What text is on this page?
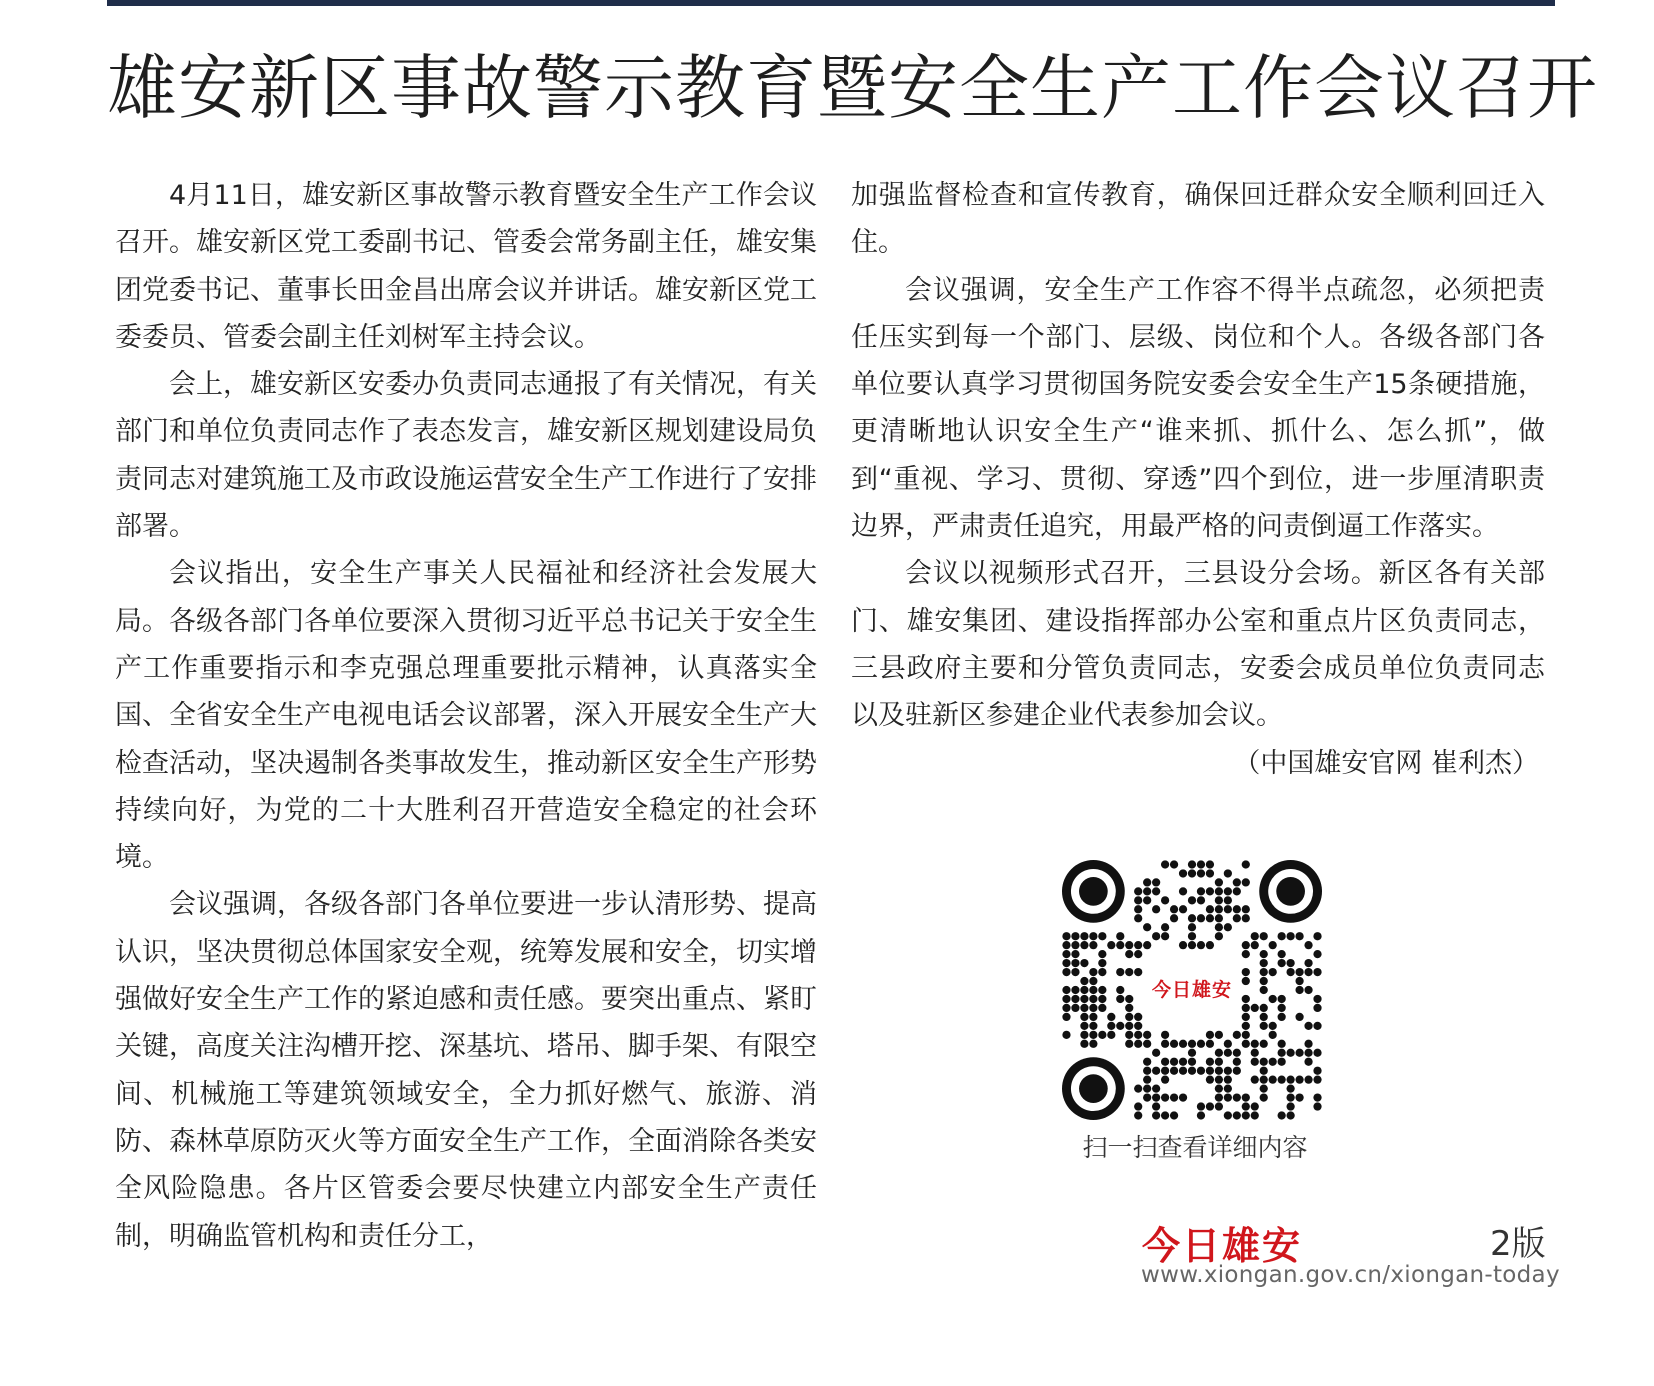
雄安新区事故警示教育暨安全生产工作会议召开

4月11日，雄安新区事故警示教育暨安全生产工作会议召开。雄安新区党工委副书记、管委会常务副主任，雄安集团党委书记、董事长田金昌出席会议并讲话。雄安新区党工委委员、管委会副主任刘树军主持会议。

会上，雄安新区安委办负责同志通报了有关情况，有关部门和单位负责同志作了表态发言，雄安新区规划建设局负责同志对建筑施工及市政设施运营安全生产工作进行了安排部署。

会议指出，安全生产事关人民福祉和经济社会发展大局。各级各部门各单位要深入贯彻习近平总书记关于安全生产工作重要指示和李克强总理重要批示精神，认真落实全国、全省安全生产电视电话会议部署，深入开展安全生产大检查活动，坚决遏制各类事故发生，推动新区安全生产形势持续向好，为党的二十大胜利召开营造安全稳定的社会环境。

会议强调，各级各部门各单位要进一步认清形势、提高认识，坚决贯彻总体国家安全观，统筹发展和安全，切实增强做好安全生产工作的紧迫感和责任感。要突出重点、紧盯关键，高度关注沟槽开挖、深基坑、塔吊、脚手架、有限空间、机械施工等建筑领域安全，全力抓好燃气、旅游、消防、森林草原防灭火等方面安全生产工作，全面消除各类安全风险隐患。各片区管委会要尽快建立内部安全生产责任制，明确监管机构和责任分工，

加强监督检查和宣传教育，确保回迁群众安全顺利回迁入住。

会议强调，安全生产工作容不得半点疏忽，必须把责任压实到每一个部门、层级、岗位和个人。各级各部门各单位要认真学习贯彻国务院安委会安全生产15条硬措施，更清晰地认识安全生产“谁来抓、抓什么、怎么抓”，做到“重视、学习、贯彻、穿透”四个到位，进一步厘清职责边界，严肃责任追究，用最严格的问责倒逼工作落实。

会议以视频形式召开，三县设分会场。新区各有关部门、雄安集团、建设指挥部办公室和重点片区负责同志，三县政府主要和分管负责同志，安委会成员单位负责同志以及驻新区参建企业代表参加会议。

（中国雄安官网 崔利杰）

今日雄安
扫一扫查看详细内容
今日雄安	2版
www.xiongan.gov.cn/xiongan-today
